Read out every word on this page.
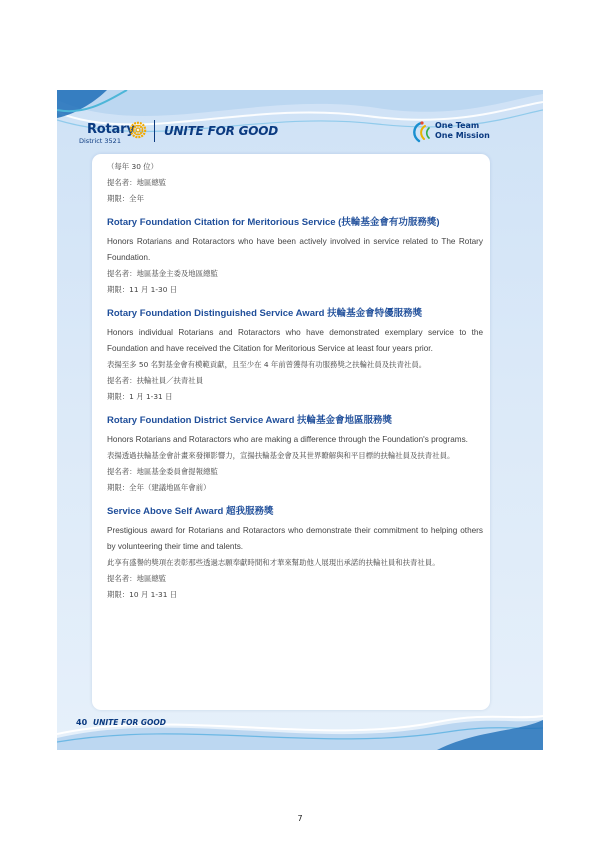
Rotary
District 3521
UNITE FOR GOOD	One Team
One Mission
（每年 30 位）
提名者：地區總監
期限：全年
Rotary Foundation Citation for Meritorious Service (扶輪基金會有功服務獎)
Honors Rotarians and Rotaractors who have been actively involved in service related to The Rotary Foundation.
提名者：地區基金主委及地區總監
期限：11 月 1-30 日
Rotary Foundation Distinguished Service Award 扶輪基金會特優服務獎
Honors individual Rotarians and Rotaractors who have demonstrated exemplary service to the Foundation and have received the Citation for Meritorious Service at least four years prior.
表揚至多 50 名對基金會有模範貢獻，且至少在 4 年前曾獲得有功服務獎之扶輪社員及扶青社員。
提名者：扶輪社員／扶青社員
期限：1 月 1-31 日
Rotary Foundation District Service Award 扶輪基金會地區服務獎
Honors Rotarians and Rotaractors who are making a difference through the Foundation's programs.
表揚透過扶輪基金會計畫來發揮影響力，宣揚扶輪基金會及其世界瞭解與和平目標的扶輪社員及扶青社員。
提名者：地區基金委員會提報總監
期限：全年（建議地區年會前）
Service Above Self Award 超我服務獎
Prestigious award for Rotarians and Rotaractors who demonstrate their commitment to helping others by volunteering their time and talents.
此享有盛譽的獎項在表彰那些透過志願奉獻時間和才華來幫助他人展現出承諾的扶輪社員和扶青社員。
提名者：地區總監
期限：10 月 1-31 日
40 UNITE FOR GOOD
7
